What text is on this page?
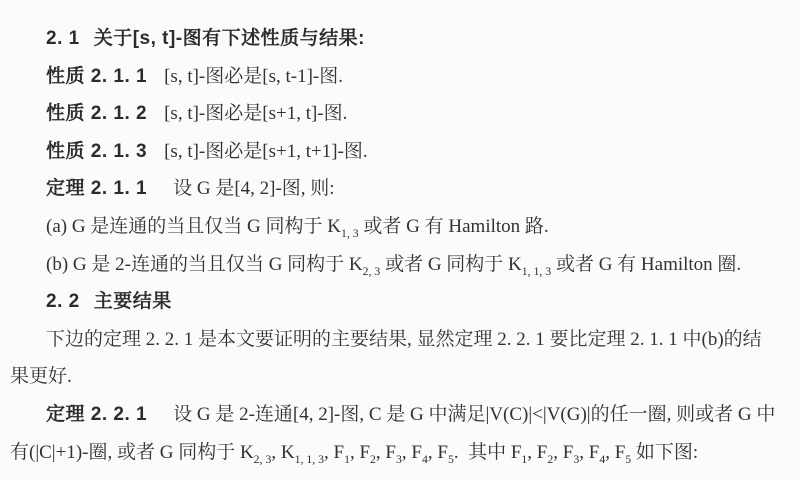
2. 1 关于[s, t]-图有下述性质与结果:
性质 2. 1. 1 [s, t]-图必是[s, t-1]-图.
性质 2. 1. 2 [s, t]-图必是[s+1, t]-图.
性质 2. 1. 3 [s, t]-图必是[s+1, t+1]-图.
定理 2. 1. 1 设 G 是[4, 2]-图, 则:
(a) G 是连通的当且仅当 G 同构于 $K_{1, 3}$ 或者 G 有 Hamilton 路.
(b) G 是 2-连通的当且仅当 G 同构于 $K_{2, 3}$ 或者 G 同构于 $K_{1, 1, 3}$ 或者 G 有 Hamilton 圈.
2. 2 主要结果
下边的定理 2. 2. 1 是本文要证明的主要结果, 显然定理 2. 2. 1 要比定理 2. 1. 1 中(b)的结
果更好.
定理 2. 2. 1 设 G 是 2-连通[4, 2]-图, C 是 G 中满足|V(C)|<|V(G)|的任一圈, 则或者 G 中
有(|C|+1)-圈, 或者 G 同构于 $K_{2, 3}$, $K_{1, 1, 3}$, $F_1$, $F_2$, $F_3$, $F_4$, $F_5$.  其中 $F_1$, $F_2$, $F_3$, $F_4$, $F_5$ 如下图:
